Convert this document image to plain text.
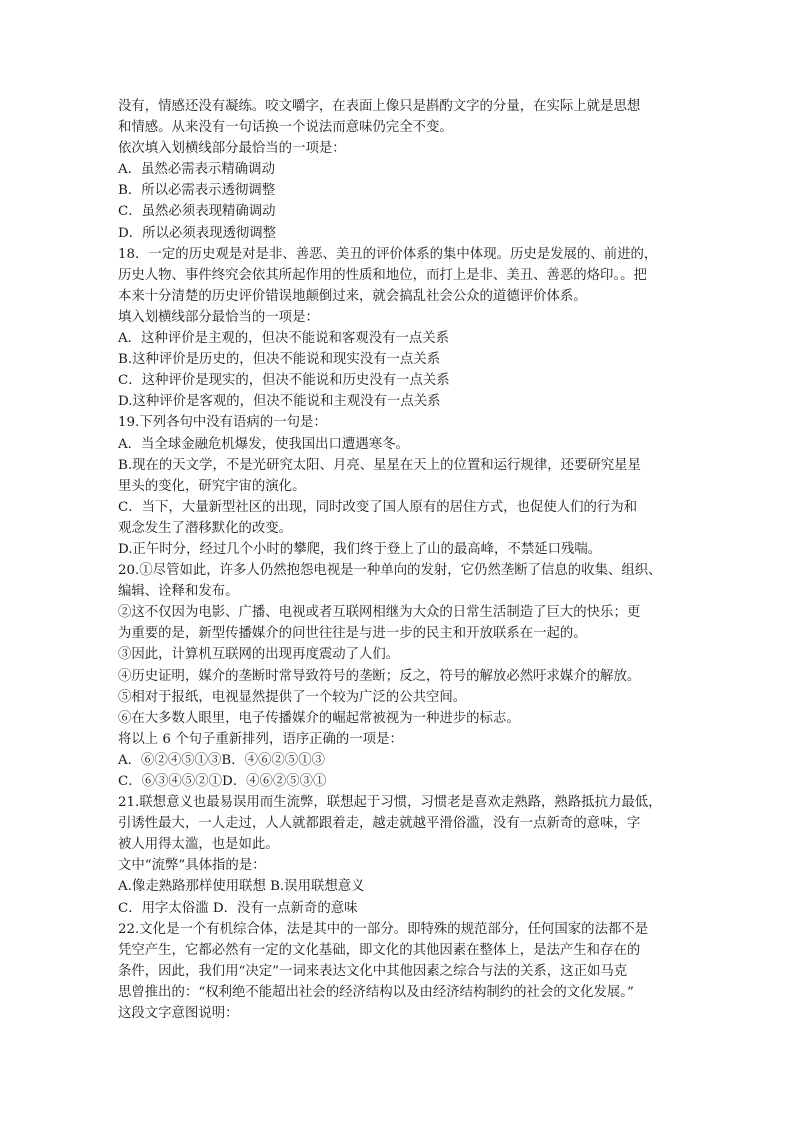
没有，情感还没有凝练。咬文嚼字，在表面上像只是斟酌文字的分量，在实际上就是思想
和情感。从来没有一句话换一个说法而意味仍完全不变。
依次填入划横线部分最恰当的一项是：
A．虽然必需表示精确调动
B．所以必需表示透彻调整
C．虽然必须表现精确调动
D．所以必须表现透彻调整
18．一定的历史观是对是非、善恶、美丑的评价体系的集中体现。历史是发展的、前进的，
历史人物、事件终究会依其所起作用的性质和地位，而打上是非、美丑、善恶的烙印。。把
本来十分清楚的历史评价错误地颠倒过来，就会搞乱社会公众的道德评价体系。
填入划横线部分最恰当的一项是：
A．这种评价是主观的，但决不能说和客观没有一点关系
B.这种评价是历史的，但决不能说和现实没有一点关系
C．这种评价是现实的，但决不能说和历史没有一点关系
D.这种评价是客观的，但决不能说和主观没有一点关系
19.下列各句中没有语病的一句是：
A．当全球金融危机爆发，使我国出口遭遇寒冬。
B.现在的天文学，不是光研究太阳、月亮、星星在天上的位置和运行规律，还要研究星星
里头的变化，研究宇宙的演化。
C．当下，大量新型社区的出现，同时改变了国人原有的居住方式，也促使人们的行为和
观念发生了潜移默化的改变。
D.正午时分，经过几个小时的攀爬，我们终于登上了山的最高峰，不禁延口残喘。
20.①尽管如此，许多人仍然抱怨电视是一种单向的发射，它仍然垄断了信息的收集、组织、
编辑、诠释和发布。
②这不仅因为电影、广播、电视或者互联网相继为大众的日常生活制造了巨大的快乐；更
为重要的是，新型传播媒介的问世往往是与进一步的民主和开放联系在一起的。
③因此，计算机互联网的出现再度震动了人们。
④历史证明，媒介的垄断时常导致符号的垄断；反之，符号的解放必然吁求媒介的解放。
⑤相对于报纸，电视显然提供了一个较为广泛的公共空间。
⑥在大多数人眼里，电子传播媒介的崛起常被视为一种进步的标志。
将以上 6 个句子重新排列，语序正确的一项是：
A．⑥②④⑤①③B．④⑥②⑤①③
C．⑥③④⑤②①D．④⑥②⑤③①
21.联想意义也最易误用而生流弊，联想起于习惯，习惯老是喜欢走熟路，熟路抵抗力最低，
引诱性最大，一人走过，人人就都跟着走，越走就越平滑俗滥，没有一点新奇的意味，字
被人用得太滥，也是如此。
文中“流弊”具体指的是：
A.像走熟路那样使用联想 B.误用联想意义
C．用字太俗滥 D．没有一点新奇的意味
22.文化是一个有机综合体，法是其中的一部分。即特殊的规范部分，任何国家的法都不是
凭空产生，它都必然有一定的文化基础，即文化的其他因素在整体上，是法产生和存在的
条件，因此，我们用“决定”一词来表达文化中其他因素之综合与法的关系，这正如马克
思曾推出的：“权利绝不能超出社会的经济结构以及由经济结构制约的社会的文化发展。”
这段文字意图说明：
